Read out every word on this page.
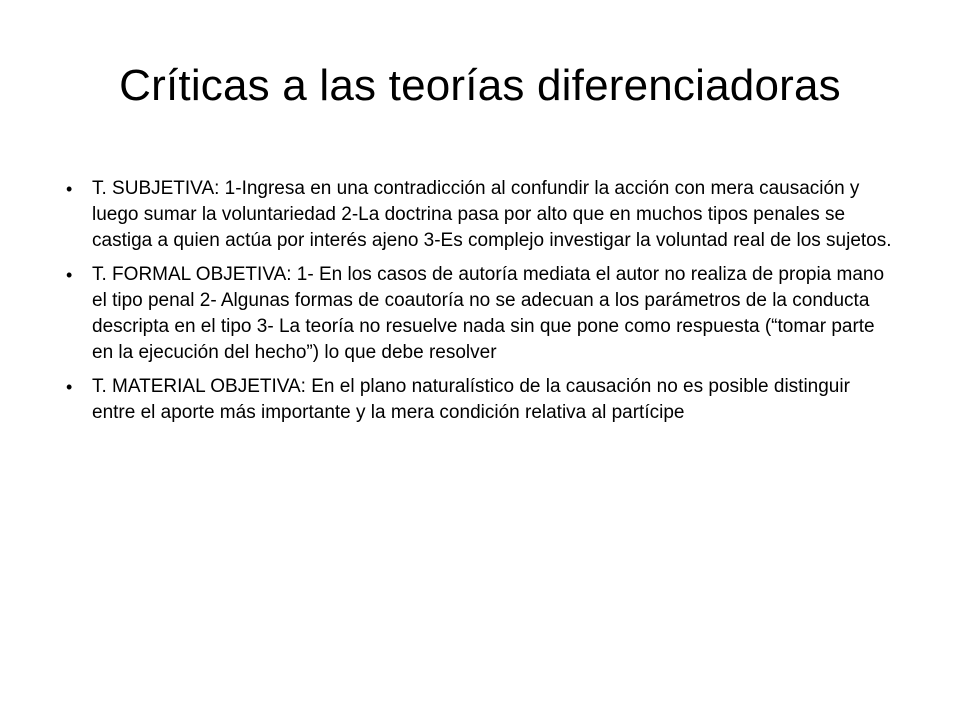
Críticas a las teorías diferenciadoras
•	T. SUBJETIVA: 1-Ingresa en una contradicción al confundir la acción con mera causación y luego sumar la voluntariedad 2-La doctrina pasa por alto que en muchos tipos penales se castiga a quien actúa por interés ajeno 3-Es complejo investigar la voluntad real de los sujetos.
•	T. FORMAL OBJETIVA: 1- En los casos de autoría mediata el autor no realiza de propia mano el tipo penal 2- Algunas formas de coautoría no se adecuan a los parámetros de la conducta descripta en el tipo 3- La teoría no resuelve nada sin que pone como respuesta (“tomar parte en la ejecución del hecho”) lo que debe resolver
•	T. MATERIAL OBJETIVA: En el plano naturalístico de la causación no es posible distinguir entre el aporte más importante y la mera condición relativa al partícipe
